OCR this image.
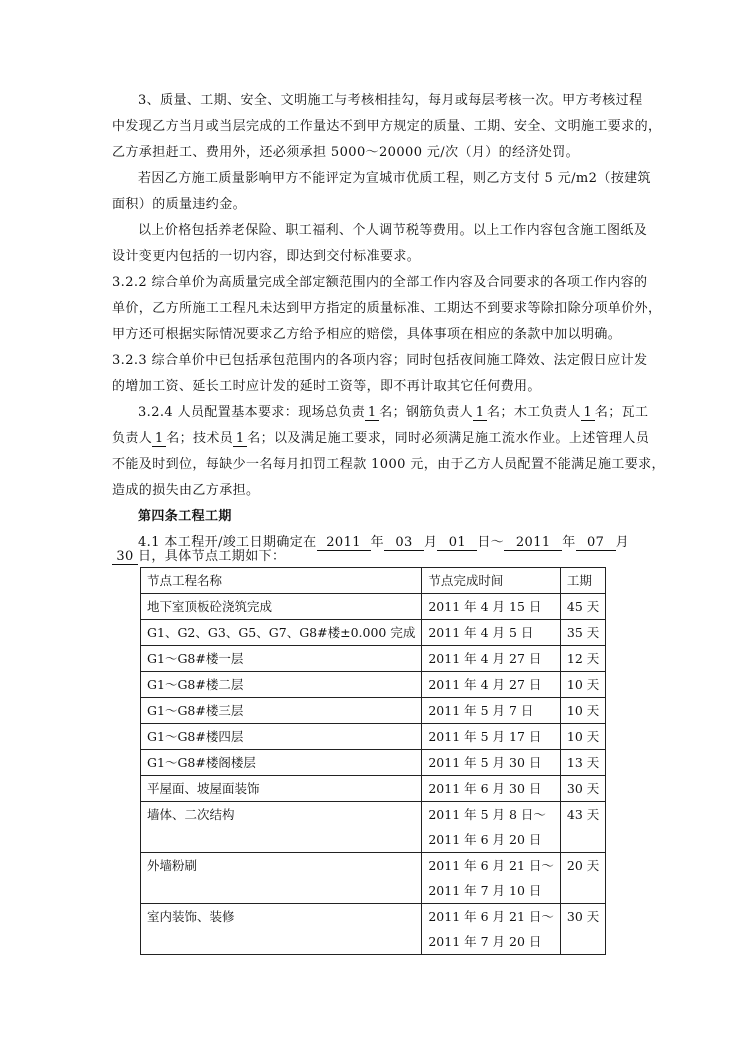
3、质量、工期、安全、文明施工与考核相挂勾，每月或每层考核一次。甲方考核过程
中发现乙方当月或当层完成的工作量达不到甲方规定的质量、工期、安全、文明施工要求的，
乙方承担赶工、费用外，还必须承担 5000～20000 元/次（月）的经济处罚。
若因乙方施工质量影响甲方不能评定为宣城市优质工程，则乙方支付 5 元/m2（按建筑
面积）的质量违约金。
以上价格包括养老保险、职工福利、个人调节税等费用。以上工作内容包含施工图纸及
设计变更内包括的一切内容，即达到交付标准要求。
3.2.2 综合单价为高质量完成全部定额范围内的全部工作内容及合同要求的各项工作内容的
单价，乙方所施工工程凡未达到甲方指定的质量标准、工期达不到要求等除扣除分项单价外，
甲方还可根据实际情况要求乙方给予相应的赔偿，具体事项在相应的条款中加以明确。
3.2.3 综合单价中已包括承包范围内的各项内容；同时包括夜间施工降效、法定假日应计发
的增加工资、延长工时应计发的延时工资等，即不再计取其它任何费用。
3.2.4 人员配置基本要求：现场总负责 1 名；钢筋负责人 1 名；木工负责人 1 名；瓦工
负责人 1 名；技术员 1 名；以及满足施工要求，同时必须满足施工流水作业。上述管理人员
不能及时到位，每缺少一名每月扣罚工程款 1000 元，由于乙方人员配置不能满足施工要求，
造成的损失由乙方承担。
第四条工程工期
4.1 本工程开/竣工日期确定在 2011 年 03 月 01 日～ 2011 年 07 月
30 日，具体节点工期如下：
节点工程名称	节点完成时间	工期
地下室顶板砼浇筑完成	2011 年 4 月 15 日	45 天
G1、G2、G3、G5、G7、G8#楼±0.000 完成	2011 年 4 月 5 日	35 天
G1～G8#楼一层	2011 年 4 月 27 日	12 天
G1～G8#楼二层	2011 年 4 月 27 日	10 天
G1～G8#楼三层	2011 年 5 月 7 日	10 天
G1～G8#楼四层	2011 年 5 月 17 日	10 天
G1～G8#楼阁楼层	2011 年 5 月 30 日	13 天
平屋面、坡屋面装饰	2011 年 6 月 30 日	30 天
墙体、二次结构	2011 年 5 月 8 日～
2011 年 6 月 20 日	43 天
外墙粉刷	2011 年 6 月 21 日～
2011 年 7 月 10 日	20 天
室内装饰、装修	2011 年 6 月 21 日～
2011 年 7 月 20 日	30 天
